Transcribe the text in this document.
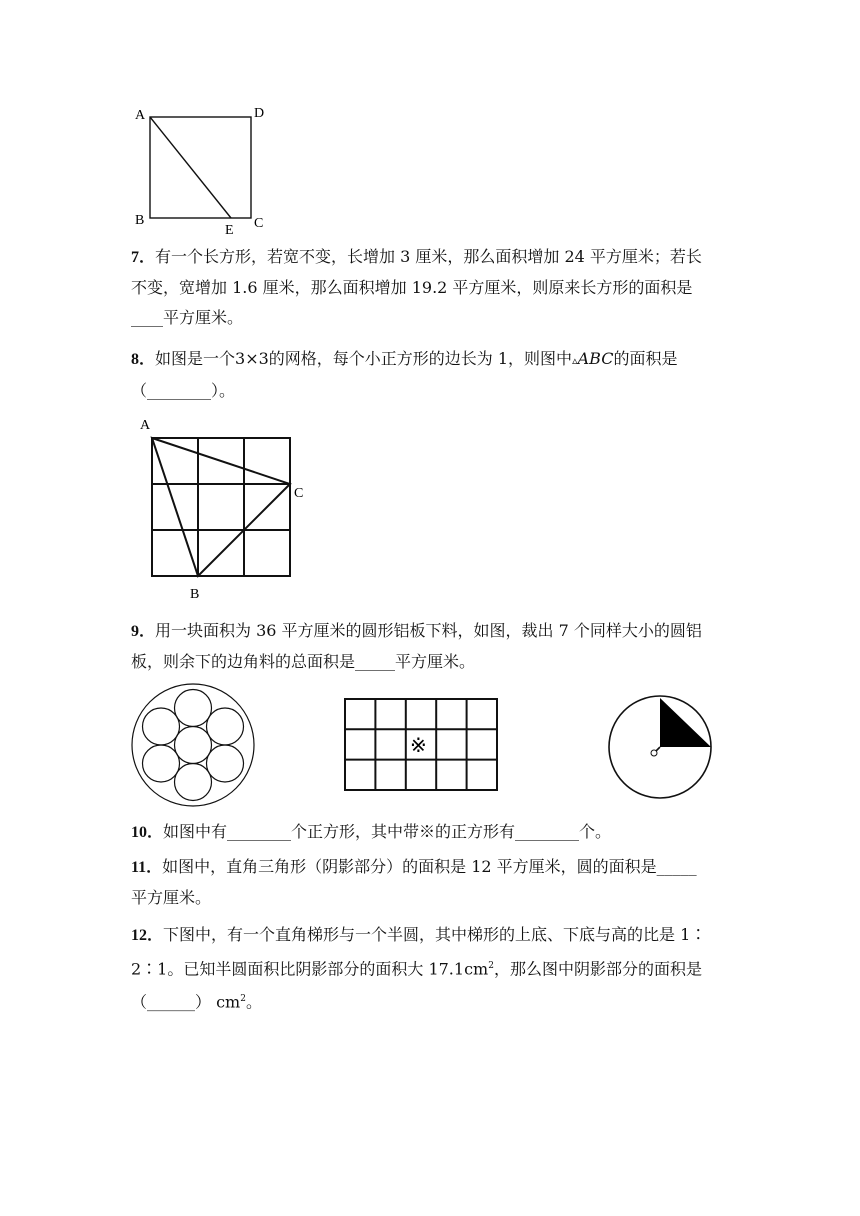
A	D
B	C
E
7．有一个长方形，若宽不变，长增加 3 厘米，那么面积增加 24 平方厘米；若长
不变，宽增加 1.6 厘米，那么面积增加 19.2 平方厘米，则原来长方形的面积是
____平方厘米。
8．如图是一个3×3的网格，每个小正方形的边长为 1，则图中▵ABC的面积是
（________）。
A
C
B
9．用一块面积为 36 平方厘米的圆形铝板下料，如图，裁出 7 个同样大小的圆铝
板，则余下的边角料的总面积是_____平方厘米。
※
10．如图中有________个正方形，其中带※的正方形有________个。
11．如图中，直角三角形（阴影部分）的面积是 12 平方厘米，圆的面积是_____
平方厘米。
12．下图中，有一个直角梯形与一个半圆，其中梯形的上底、下底与高的比是 1∶
2∶1。已知半圆面积比阴影部分的面积大 $17.1cm^2$，那么图中阴影部分的面积是
（______） $cm^2$。
